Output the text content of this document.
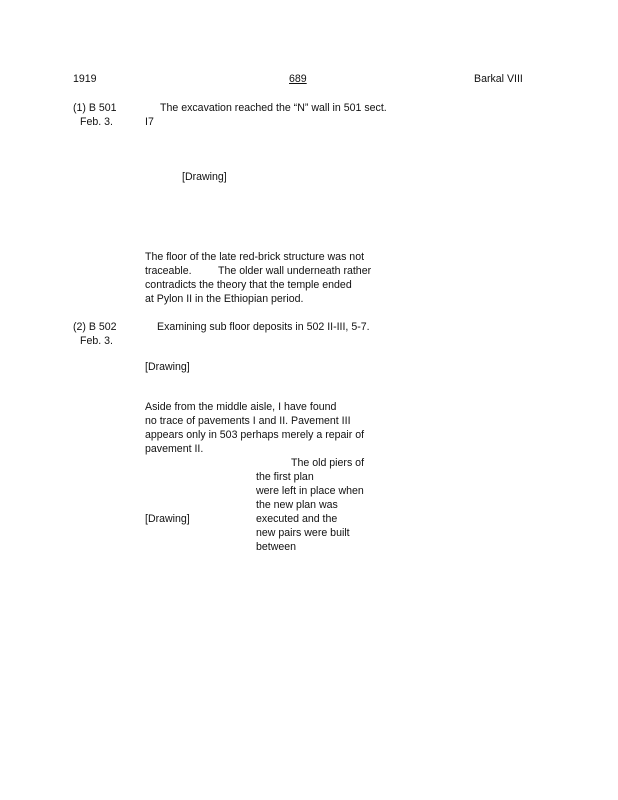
1919	689	Barkal VIII
(1) B 501
Feb. 3.
The excavation reached the “N” wall in 501 sect.
I7
[Drawing]
The floor of the late red-brick structure was not
traceable. The older wall underneath rather
contradicts the theory that the temple ended
at Pylon II in the Ethiopian period.
(2) B 502
Feb. 3.
Examining sub floor deposits in 502 II-III, 5-7.
[Drawing]
Aside from the middle aisle, I have found
no trace of pavements I and II. Pavement III
appears only in 503 perhaps merely a repair of
pavement II.
The old piers of
the first plan
were left in place when
the new plan was
executed and the
new pairs were built
between
[Drawing]
